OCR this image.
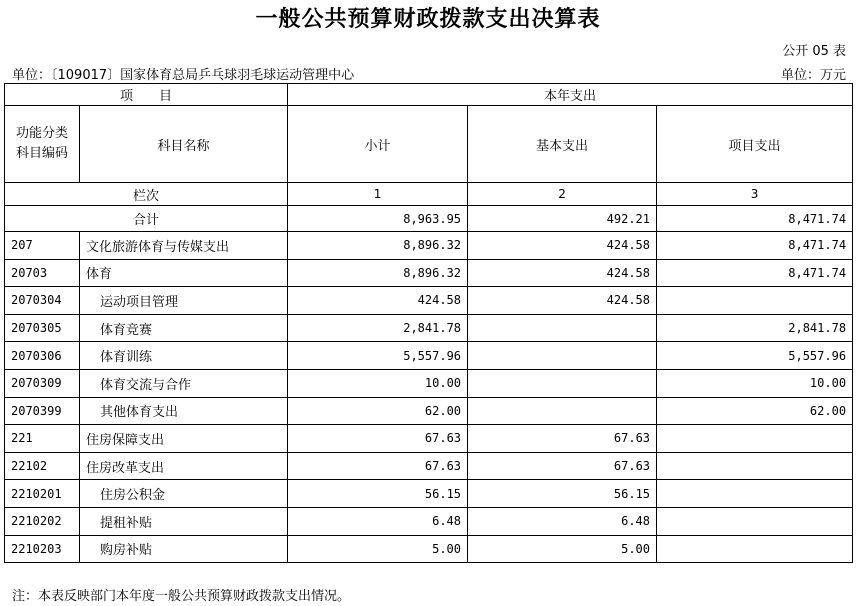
一般公共预算财政拨款支出决算表
公开 05 表
单位：〔109017〕国家体育总局乒乓球羽毛球运动管理中心	单位：万元
项　　目		本年支出		
功能分类
科目编码	科目名称	小计	基本支出	项目支出
栏次		1	2	3
合计		8,963.95	492.21	8,471.74
207	文化旅游体育与传媒支出	8,896.32	424.58	8,471.74
20703	体育	8,896.32	424.58	8,471.74
2070304	运动项目管理	424.58	424.58	
2070305	体育竞赛	2,841.78		2,841.78
2070306	体育训练	5,557.96		5,557.96
2070309	体育交流与合作	10.00		10.00
2070399	其他体育支出	62.00		62.00
221	住房保障支出	67.63	67.63	
22102	住房改革支出	67.63	67.63	
2210201	住房公积金	56.15	56.15	
2210202	提租补贴	6.48	6.48	
2210203	购房补贴	5.00	5.00	
注：本表反映部门本年度一般公共预算财政拨款支出情况。
